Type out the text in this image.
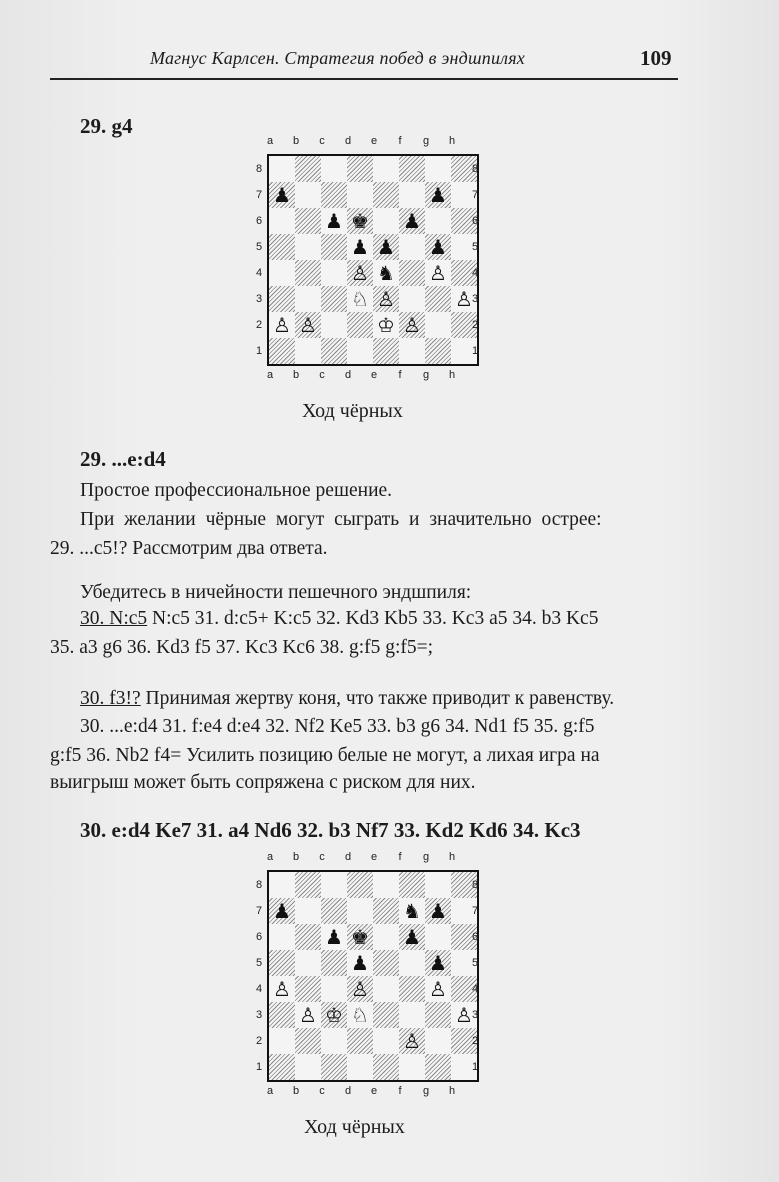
Магнус Карлсен. Стратегия побед в эндшпилях	109
29. g4
a	b	c	d	e	f	g	h
8
7
6
5
4
3
2
1
♟	♟
♟ ♚ ♟
♟ ♟ ♟
♙ ♞ ♙
♘ ♙	♙
♙ ♙	♔ ♙
8
7
6
5
4
3
2
1
a	b	c	d	e	f	g	h
Ход чёрных
29. ...e:d4
Простое профессиональное решение.
При желании чёрные могут сыграть и значительно острее:
29. ...c5!? Рассмотрим два ответа.
Убедитесь в ничейности пешечного эндшпиля:
30. N:c5 N:c5 31. d:c5+ K:c5 32. Kd3 Kb5 33. Kc3 a5 34. b3 Kc5
35. a3 g6 36. Kd3 f5 37. Kc3 Kc6 38. g:f5 g:f5=;
30. f3!? Принимая жертву коня, что также приводит к равенству.
30. ...e:d4 31. f:e4 d:e4 32. Nf2 Ke5 33. b3 g6 34. Nd1 f5 35. g:f5
g:f5 36. Nb2 f4= Усилить позицию белые не могут, а лихая игра на
выигрыш может быть сопряжена с риском для них.
30. e:d4 Ke7 31. a4 Nd6 32. b3 Nf7 33. Kd2 Kd6 34. Kc3
a	b	c	d	e	f	g	h
8
7
6
5
4
3
2
1
♟	♞ ♟
♟ ♚ ♟
♟	♟
♙	♙	♙
♙ ♔ ♘	♙
♙
8
7
6
5
4
3
2
1
a	b	c	d	e	f	g	h
Ход чёрных
